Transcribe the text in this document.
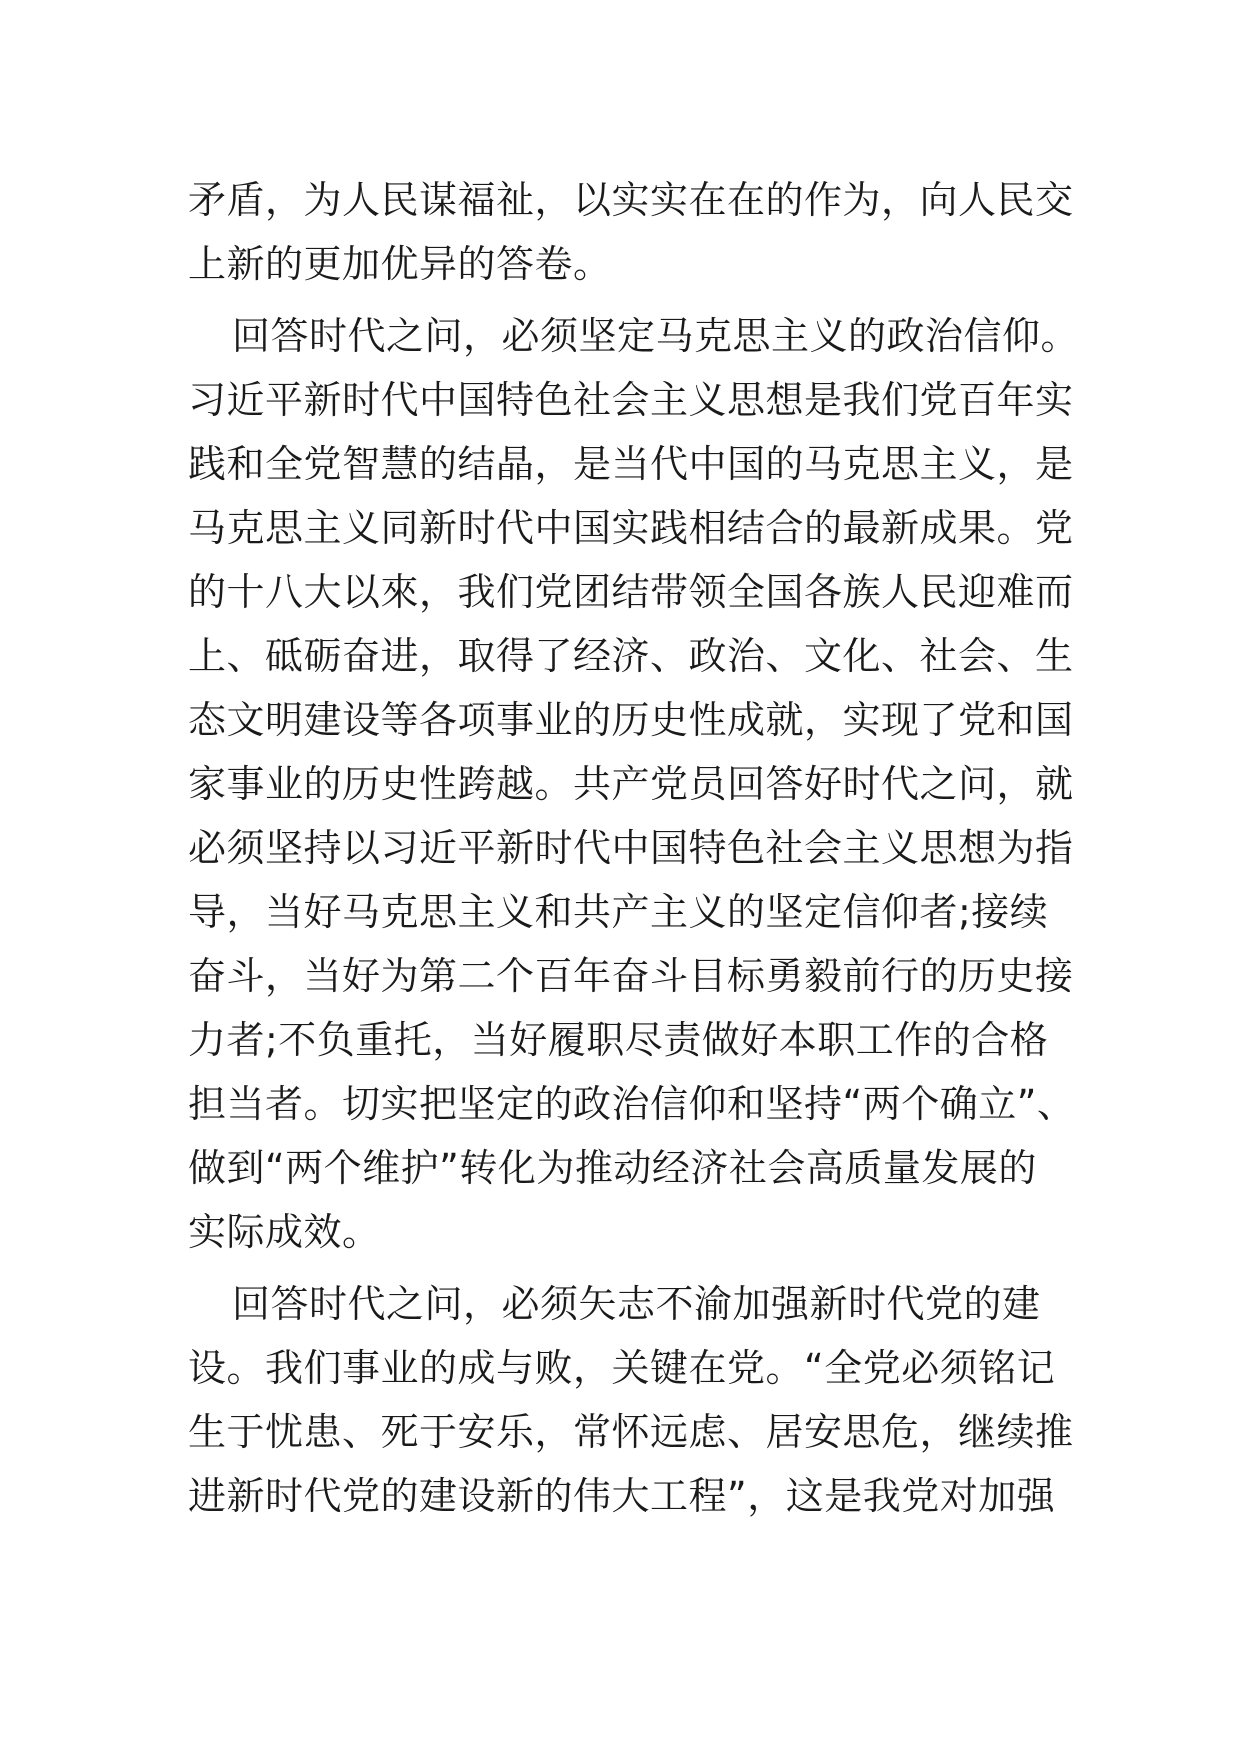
矛盾，为人民谋福祉，以实实在在的作为，向人民交
上新的更加优异的答卷。
回答时代之问，必须坚定马克思主义的政治信仰。
习近平新时代中国特色社会主义思想是我们党百年实
践和全党智慧的结晶，是当代中国的马克思主义，是
马克思主义同新时代中国实践相结合的最新成果。党
的十八大以來，我们党团结带领全国各族人民迎难而
上、砥砺奋进，取得了经济、政治、文化、社会、生
态文明建设等各项事业的历史性成就，实现了党和国
家事业的历史性跨越。共产党员回答好时代之问，就
必须坚持以习近平新时代中国特色社会主义思想为指
导，当好马克思主义和共产主义的坚定信仰者;接续
奋斗，当好为第二个百年奋斗目标勇毅前行的历史接
力者;不负重托，当好履职尽责做好本职工作的合格
担当者。切实把坚定的政治信仰和坚持“两个确立”、
做到“两个维护”转化为推动经济社会高质量发展的
实际成效。
回答时代之问，必须矢志不渝加强新时代党的建
设。我们事业的成与败，关键在党。“全党必须铭记
生于忧患、死于安乐，常怀远虑、居安思危，继续推
进新时代党的建设新的伟大工程”，这是我党对加强
